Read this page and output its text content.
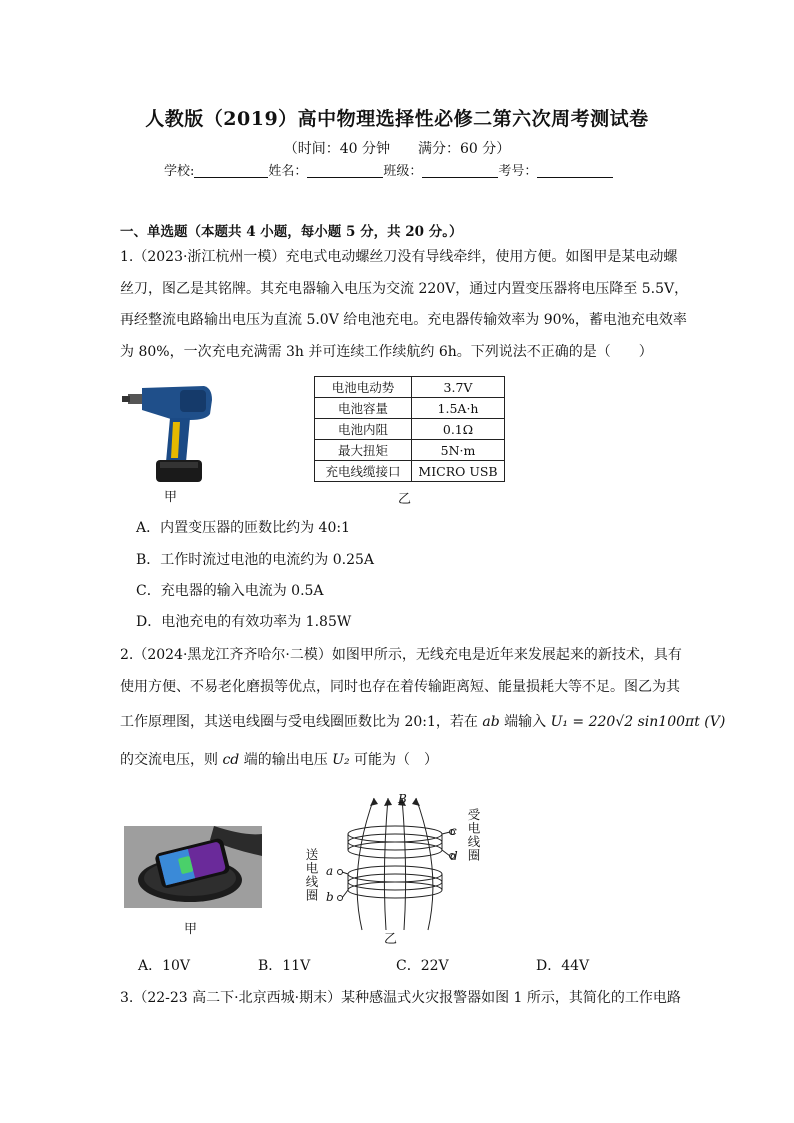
人教版（2019）高中物理选择性必修二第六次周考测试卷
（时间：40 分钟　　满分：60 分）
学校:	姓名：	班级：	考号：
一、单选题（本题共 4 小题，每小题 5 分，共 20 分。）
1.（2023·浙江杭州一模）充电式电动螺丝刀没有导线牵绊，使用方便。如图甲是某电动螺
丝刀，图乙是其铭牌。其充电器输入电压为交流 220V，通过内置变压器将电压降至 5.5V，
再经整流电路输出电压为直流 5.0V 给电池充电。充电器传输效率为 90%，蓄电池充电效率
为 80%，一次充电充满需 3h 并可连续工作续航约 6h。下列说法不正确的是（　　）
甲
电池电动势	3.7V
电池容量	1.5A·h
电池内阻	0.1Ω
最大扭矩	5N·m
充电线缆接口	MICRO USB
乙
A．内置变压器的匝数比约为 40:1
B．工作时流过电池的电流约为 0.25A
C．充电器的输入电流为 0.5A
D．电池充电的有效功率为 1.85W
2.（2024·黑龙江齐齐哈尔·二模）如图甲所示，无线充电是近年来发展起来的新技术，具有
使用方便、不易老化磨损等优点，同时也存在着传输距离短、能量损耗大等不足。图乙为其
工作原理图，其送电线圈与受电线圈匝数比为 20:1，若在 ab 端输入 U₁ = 220√2 sin100πt (V)
的交流电压，则 cd 端的输出电压 U₂ 可能为（　）
甲
B
c
d
a
b
受电线圈
送电线圈
乙
A．10V	B．11V	C．22V	D．44V
3.（22-23 高二下·北京西城·期末）某种感温式火灾报警器如图 1 所示，其简化的工作电路
